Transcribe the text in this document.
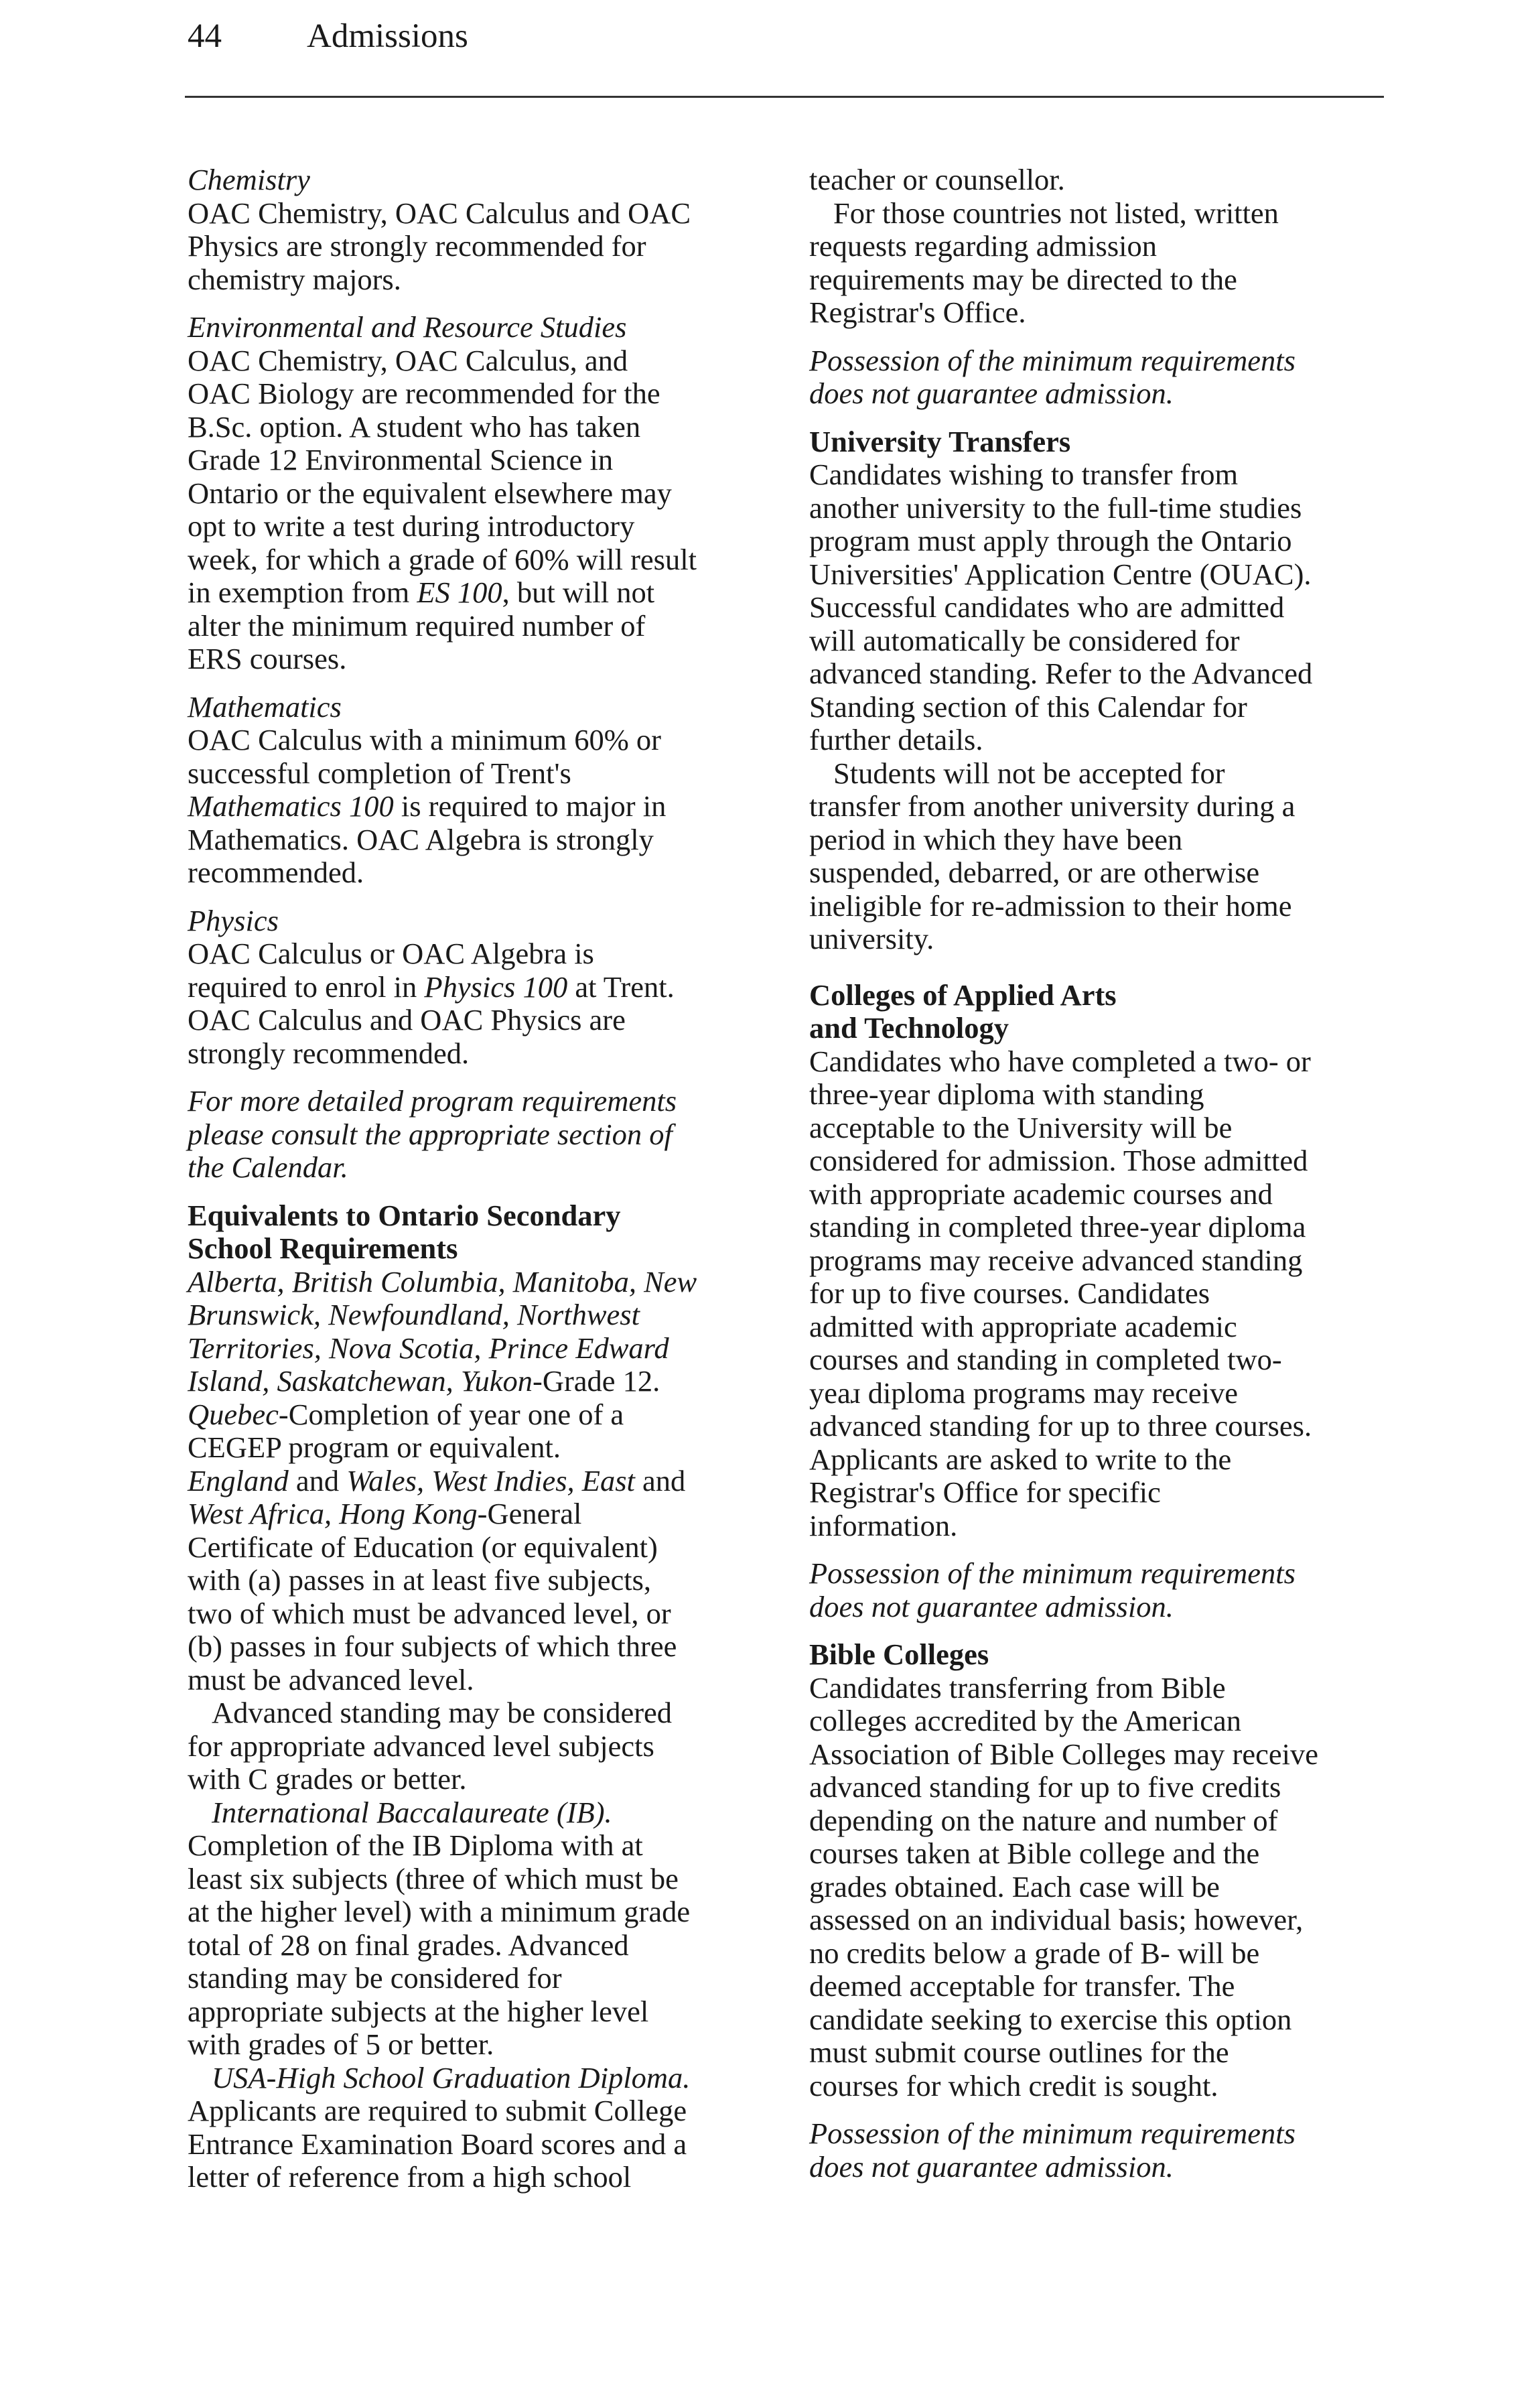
44 Admissions
Chemistry
OAC Chemistry, OAC Calculus and OAC
Physics are strongly recommended for
chemistry majors.
Environmental and Resource Studies
OAC Chemistry, OAC Calculus, and
OAC Biology are recommended for the
B.Sc. option. A student who has taken
Grade 12 Environmental Science in
Ontario or the equivalent elsewhere may
opt to write a test during introductory
week, for which a grade of 60% will result
in exemption from ES 100, but will not
alter the minimum required number of
ERS courses.
Mathematics
OAC Calculus with a minimum 60% or
successful completion of Trent's
Mathematics 100 is required to major in
Mathematics. OAC Algebra is strongly
recommended.
Physics
OAC Calculus or OAC Algebra is
required to enrol in Physics 100 at Trent.
OAC Calculus and OAC Physics are
strongly recommended.
For more detailed program requirements
please consult the appropriate section of
the Calendar.
Equivalents to Ontario Secondary
School Requirements
Alberta, British Columbia, Manitoba, New
Brunswick, Newfoundland, Northwest
Territories, Nova Scotia, Prince Edward
Island, Saskatchewan, Yukon-Grade 12.
Quebec-Completion of year one of a
CEGEP program or equivalent.
England and Wales, West Indies, East and
West Africa, Hong Kong-General
Certificate of Education (or equivalent)
with (a) passes in at least five subjects,
two of which must be advanced level, or
(b) passes in four subjects of which three
must be advanced level.
Advanced standing may be considered
for appropriate advanced level subjects
with C grades or better.
International Baccalaureate (IB).
Completion of the IB Diploma with at
least six subjects (three of which must be
at the higher level) with a minimum grade
total of 28 on final grades. Advanced
standing may be considered for
appropriate subjects at the higher level
with grades of 5 or better.
USA-High School Graduation Diploma.
Applicants are required to submit College
Entrance Examination Board scores and a
letter of reference from a high school
teacher or counsellor.
For those countries not listed, written
requests regarding admission
requirements may be directed to the
Registrar's Office.
Possession of the minimum requirements
does not guarantee admission.
University Transfers
Candidates wishing to transfer from
another university to the full-time studies
program must apply through the Ontario
Universities' Application Centre (OUAC).
Successful candidates who are admitted
will automatically be considered for
advanced standing. Refer to the Advanced
Standing section of this Calendar for
further details.
Students will not be accepted for
transfer from another university during a
period in which they have been
suspended, debarred, or are otherwise
ineligible for re-admission to their home
university.
Colleges of Applied Arts
and Technology
Candidates who have completed a two- or
three-year diploma with standing
acceptable to the University will be
considered for admission. Those admitted
with appropriate academic courses and
standing in completed three-year diploma
programs may receive advanced standing
for up to five courses. Candidates
admitted with appropriate academic
courses and standing in completed two-
yeaɹ diploma programs may receive
advanced standing for up to three courses.
Applicants are asked to write to the
Registrar's Office for specific
information.
Possession of the minimum requirements
does not guarantee admission.
Bible Colleges
Candidates transferring from Bible
colleges accredited by the American
Association of Bible Colleges may receive
advanced standing for up to five credits
depending on the nature and number of
courses taken at Bible college and the
grades obtained. Each case will be
assessed on an individual basis; however,
no credits below a grade of B- will be
deemed acceptable for transfer. The
candidate seeking to exercise this option
must submit course outlines for the
courses for which credit is sought.
Possession of the minimum requirements
does not guarantee admission.
